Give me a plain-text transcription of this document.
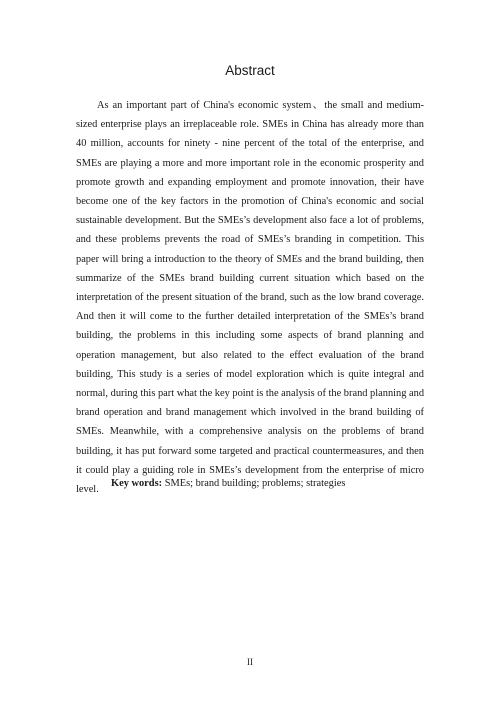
Abstract

As an important part of China's economic system、the small and medium-sized enterprise plays an irreplaceable role. SMEs in China has already more than 40 million, accounts for ninety - nine percent of the total of the enterprise, and SMEs are playing a more and more important role in the economic prosperity and promote growth and expanding employment and promote innovation, their have become one of the key factors in the promotion of China's economic and social sustainable development. But the SMEs’s development also face a lot of problems, and these problems prevents the road of SMEs’s branding in competition. This paper will bring a introduction to the theory of SMEs and the brand building, then summarize of the SMEs brand building current situation which based on the interpretation of the present situation of the brand, such as the low brand coverage. And then it will come to the further detailed interpretation of the SMEs’s brand building, the problems in this including some aspects of brand planning and operation management, but also related to the effect evaluation of the brand building, This study is a series of model exploration which is quite integral and normal, during this part what the key point is the analysis of the brand planning and brand operation and brand management which involved in the brand building of SMEs. Meanwhile, with a comprehensive analysis on the problems of brand building, it has put forward some targeted and practical countermeasures, and then it could play a guiding role in SMEs’s development from the enterprise of micro level.

Key words: SMEs; brand building; problems; strategies
II
